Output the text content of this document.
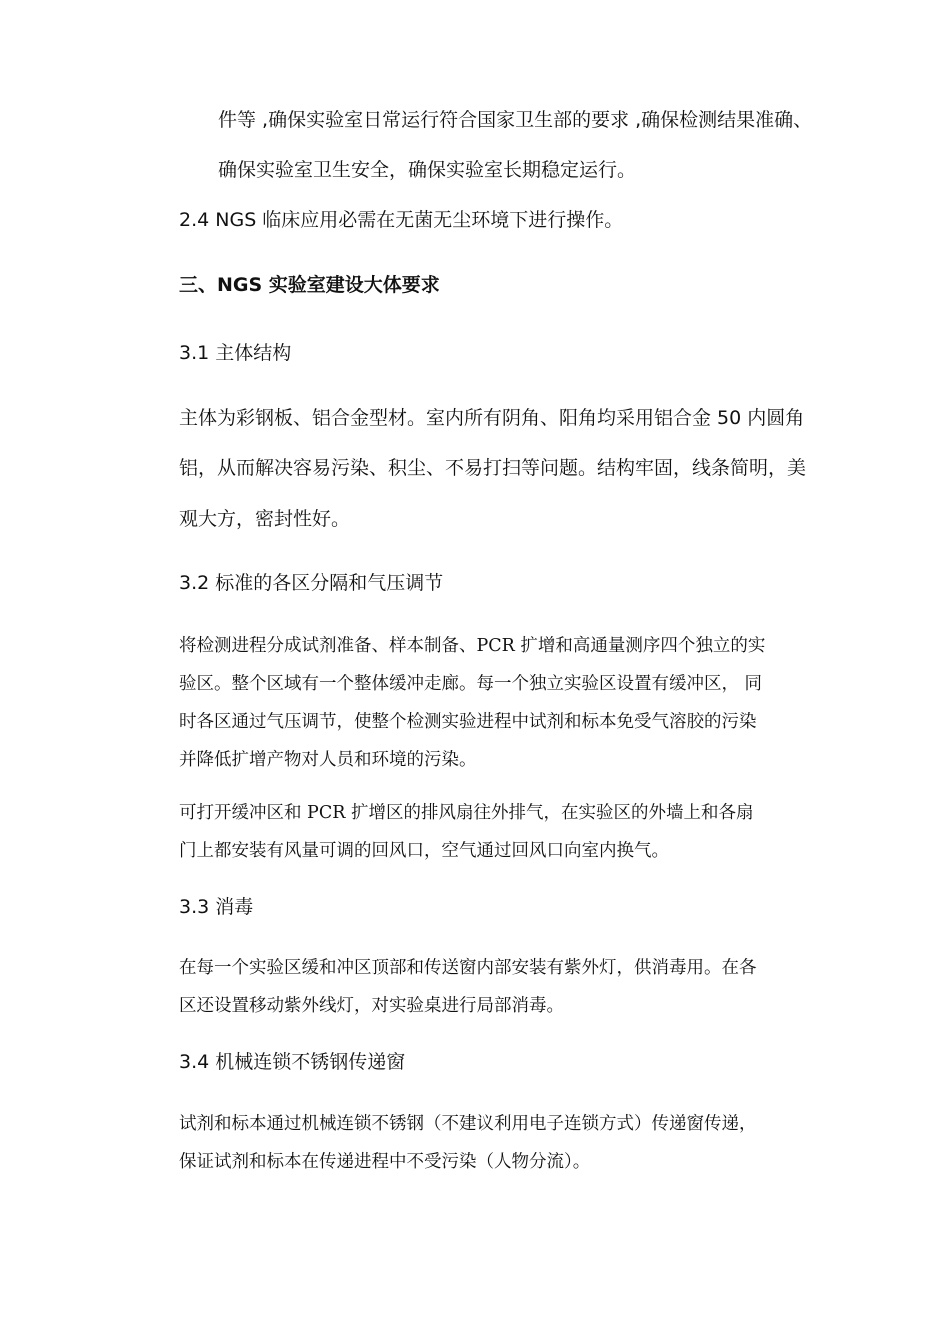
件等 ,确保实验室日常运行符合国家卫生部的要求 ,确保检测结果准确、
确保实验室卫生安全，确保实验室长期稳定运行。
2.4 NGS 临床应用必需在无菌无尘环境下进行操作。
三、NGS 实验室建设大体要求
3.1 主体结构
主体为彩钢板、铝合金型材。室内所有阴角、阳角均采用铝合金 50 内圆角
铝，从而解决容易污染、积尘、不易打扫等问题。结构牢固，线条简明，美
观大方，密封性好。
3.2 标准的各区分隔和气压调节
将检测进程分成试剂准备、样本制备、PCR 扩增和高通量测序四个独立的实
验区。整个区域有一个整体缓冲走廊。每一个独立实验区设置有缓冲区， 同
时各区通过气压调节，使整个检测实验进程中试剂和标本免受气溶胶的污染
并降低扩增产物对人员和环境的污染。
可打开缓冲区和 PCR 扩增区的排风扇往外排气，在实验区的外墙上和各扇
门上都安装有风量可调的回风口，空气通过回风口向室内换气。
3.3 消毒
在每一个实验区缓和冲区顶部和传送窗内部安装有紫外灯，供消毒用。在各
区还设置移动紫外线灯，对实验桌进行局部消毒。
3.4 机械连锁不锈钢传递窗
试剂和标本通过机械连锁不锈钢（不建议利用电子连锁方式）传递窗传递，
保证试剂和标本在传递进程中不受污染（人物分流）。
